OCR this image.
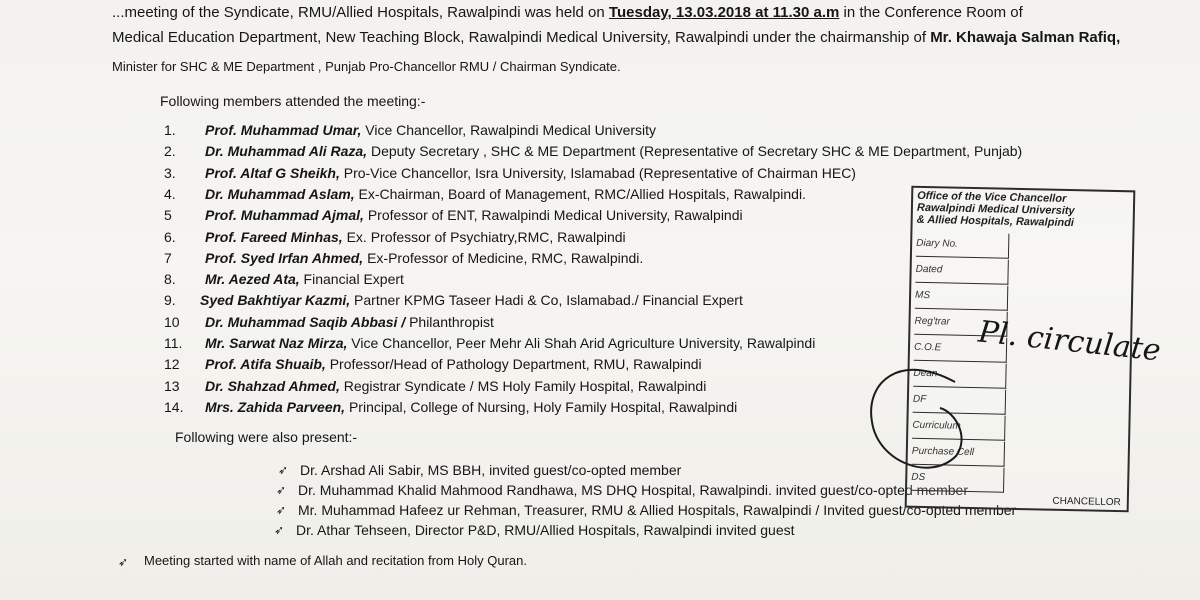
...meeting of the Syndicate, RMU/Allied Hospitals, Rawalpindi was held on Tuesday, 13.03.2018 at 11.30 a.m in the Conference Room of
Medical Education Department, New Teaching Block, Rawalpindi Medical University, Rawalpindi under the chairmanship of Mr. Khawaja Salman Rafiq,
Minister for SHC & ME Department , Punjab Pro-Chancellor RMU / Chairman Syndicate.
Following members attended the meeting:-
1. Prof. Muhammad Umar, Vice Chancellor, Rawalpindi Medical University
2. Dr. Muhammad Ali Raza, Deputy Secretary , SHC & ME Department (Representative of Secretary SHC & ME Department, Punjab)
3. Prof. Altaf G Sheikh, Pro-Vice Chancellor, Isra University, Islamabad (Representative of Chairman HEC)
4. Dr. Muhammad Aslam, Ex-Chairman, Board of Management, RMC/Allied Hospitals, Rawalpindi.
5 Prof. Muhammad Ajmal, Professor of ENT, Rawalpindi Medical University, Rawalpindi
6. Prof. Fareed Minhas, Ex. Professor of Psychiatry,RMC, Rawalpindi
7 Prof. Syed Irfan Ahmed, Ex-Professor of Medicine, RMC, Rawalpindi.
8. Mr. Aezed Ata, Financial Expert
9. Syed Bakhtiyar Kazmi, Partner KPMG Taseer Hadi & Co, Islamabad./ Financial Expert
10 Dr. Muhammad Saqib Abbasi / Philanthropist
11. Mr. Sarwat Naz Mirza, Vice Chancellor, Peer Mehr Ali Shah Arid Agriculture University, Rawalpindi
12 Prof. Atifa Shuaib, Professor/Head of Pathology Department, RMU, Rawalpindi
13 Dr. Shahzad Ahmed, Registrar Syndicate / MS Holy Family Hospital, Rawalpindi
14. Mrs. Zahida Parveen, Principal, College of Nursing, Holy Family Hospital, Rawalpindi
Following were also present:-
➶ Dr. Arshad Ali Sabir, MS BBH, invited guest/co-opted member
➶ Dr. Muhammad Khalid Mahmood Randhawa, MS DHQ Hospital, Rawalpindi. invited guest/co-opted member
➶ Mr. Muhammad Hafeez ur Rehman, Treasurer, RMU & Allied Hospitals, Rawalpindi / Invited guest/co-opted member
➶ Dr. Athar Tehseen, Director P&D, RMU/Allied Hospitals, Rawalpindi invited guest
➶ Meeting started with name of Allah and recitation from Holy Quran.
Office of the Vice Chancellor
Rawalpindi Medical University
& Allied Hospitals, Rawalpindi
Diary No.
Dated
MS
Reg'trar
C.O.E
Dean
DF
Curriculum
Purchase Cell
DS
CHANCELLOR
Pl. circulate
